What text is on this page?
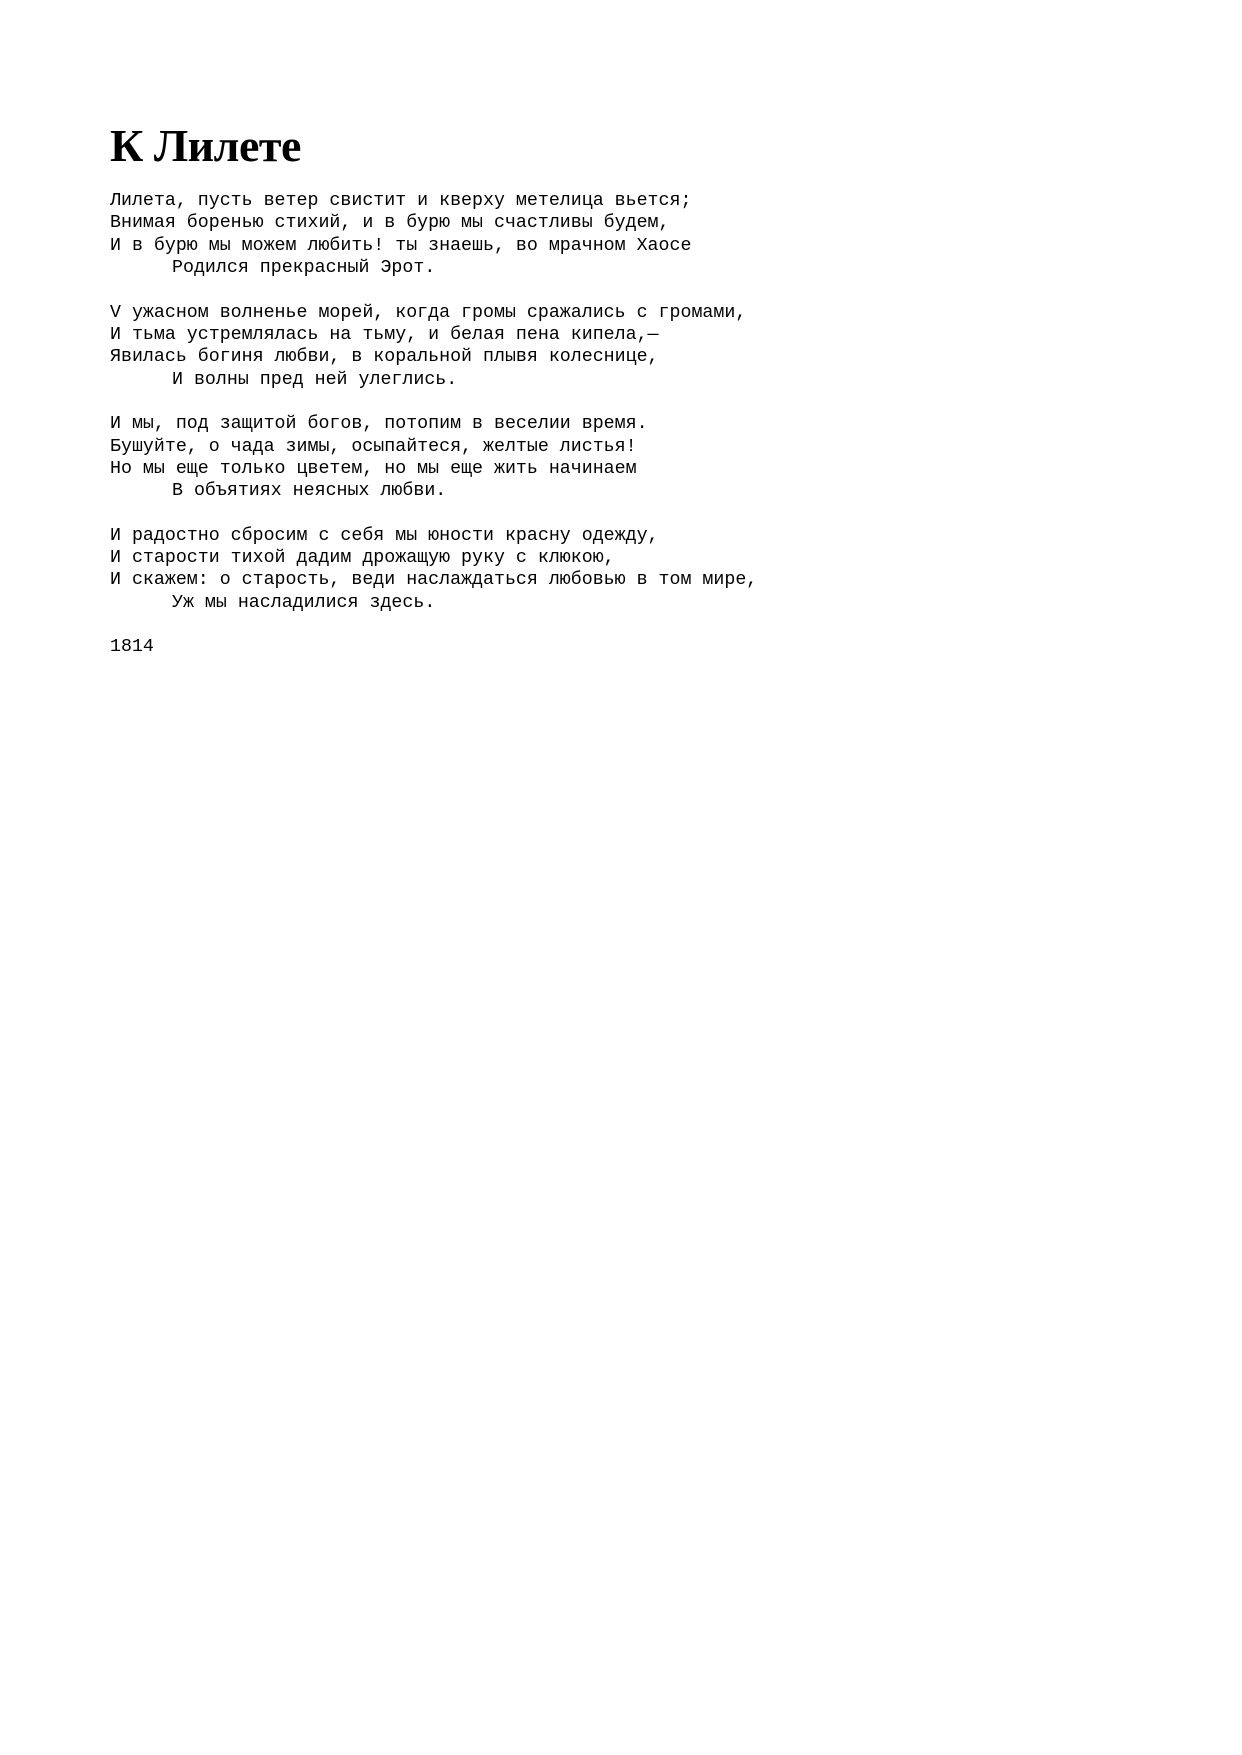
К Лилете
Лилета, пусть ветер свистит и кверху метелица вьется;
Внимая боренью стихий, и в бурю мы счастливы будем,
И в бурю мы можем любить! ты знаешь, во мрачном Хаосе
Родился прекрасный Эрот.
V ужасном волненье морей, когда громы сражались с громами,
И тьма устремлялась на тьму, и белая пена кипела,—
Явилась богиня любви, в коральной плывя колеснице,
И волны пред ней улеглись.
И мы, под защитой богов, потопим в веселии время.
Бушуйте, о чада зимы, осыпайтеся, желтые листья!
Но мы еще только цветем, но мы еще жить начинаем
В объятиях неясных любви.
И радостно сбросим с себя мы юности красну одежду,
И старости тихой дадим дрожащую руку с клюкою,
И скажем: о старость, веди наслаждаться любовью в том мире,
Уж мы насладилися здесь.
1814
